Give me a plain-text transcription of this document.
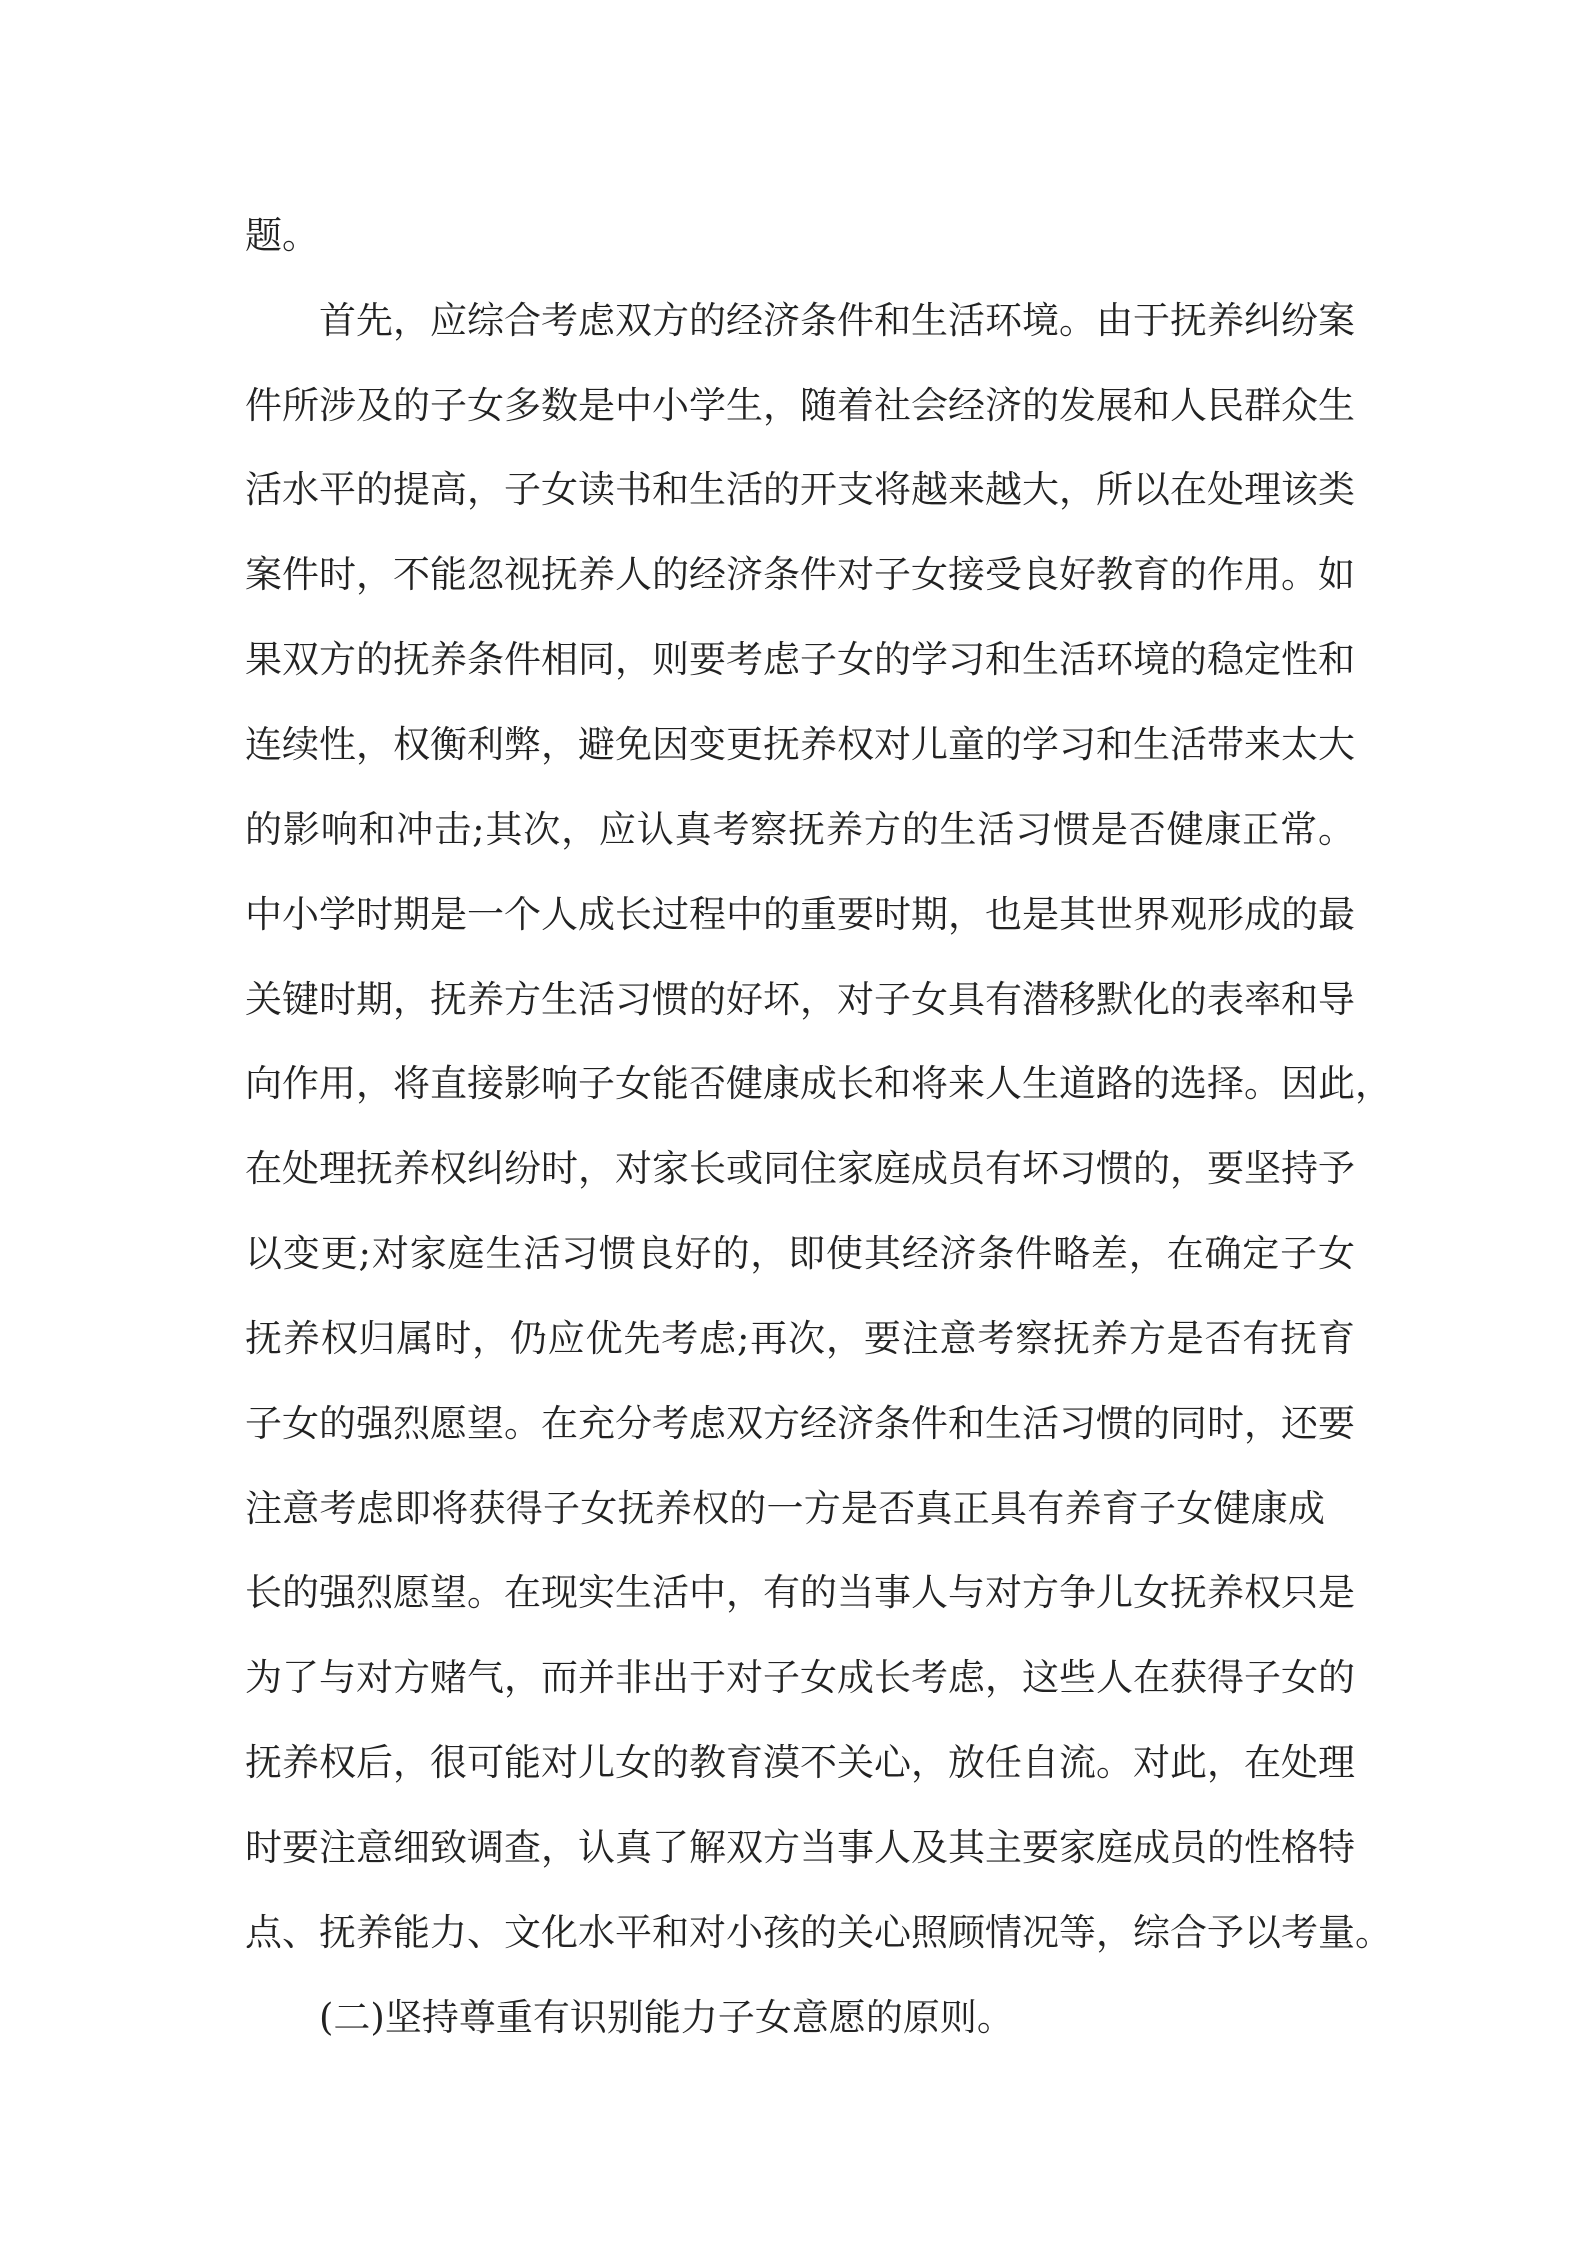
题。
首先，应综合考虑双方的经济条件和生活环境。由于抚养纠纷案
件所涉及的子女多数是中小学生，随着社会经济的发展和人民群众生
活水平的提高，子女读书和生活的开支将越来越大，所以在处理该类
案件时，不能忽视抚养人的经济条件对子女接受良好教育的作用。如
果双方的抚养条件相同，则要考虑子女的学习和生活环境的稳定性和
连续性，权衡利弊，避免因变更抚养权对儿童的学习和生活带来太大
的影响和冲击;其次，应认真考察抚养方的生活习惯是否健康正常。
中小学时期是一个人成长过程中的重要时期，也是其世界观形成的最
关键时期，抚养方生活习惯的好坏，对子女具有潜移默化的表率和导
向作用，将直接影响子女能否健康成长和将来人生道路的选择。因此，
在处理抚养权纠纷时，对家长或同住家庭成员有坏习惯的，要坚持予
以变更;对家庭生活习惯良好的，即使其经济条件略差，在确定子女
抚养权归属时，仍应优先考虑;再次，要注意考察抚养方是否有抚育
子女的强烈愿望。在充分考虑双方经济条件和生活习惯的同时，还要
注意考虑即将获得子女抚养权的一方是否真正具有养育子女健康成
长的强烈愿望。在现实生活中，有的当事人与对方争儿女抚养权只是
为了与对方赌气，而并非出于对子女成长考虑，这些人在获得子女的
抚养权后，很可能对儿女的教育漠不关心，放任自流。对此，在处理
时要注意细致调查，认真了解双方当事人及其主要家庭成员的性格特
点、抚养能力、文化水平和对小孩的关心照顾情况等，综合予以考量。
(二)坚持尊重有识别能力子女意愿的原则。
